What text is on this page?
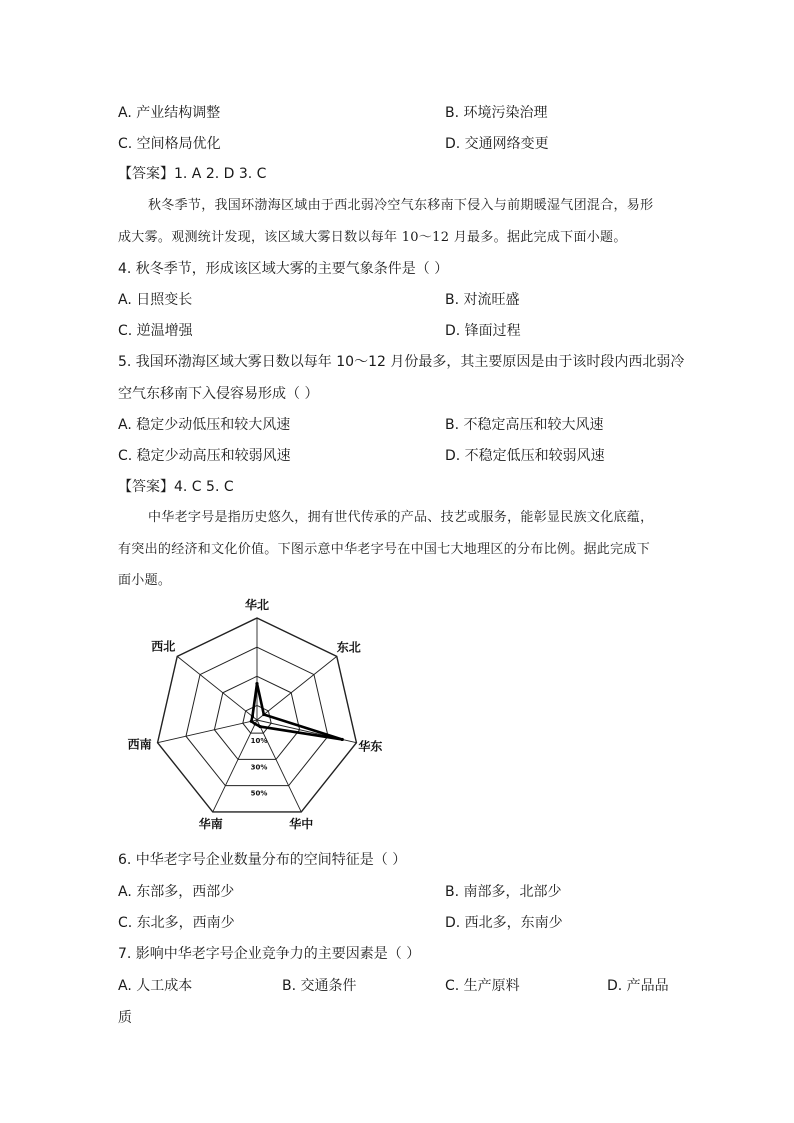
A. 产业结构调整	B. 环境污染治理
C. 空间格局优化	D. 交通网络变更
【答案】1. A 2. D 3. C
秋冬季节，我国环渤海区域由于西北弱冷空气东移南下侵入与前期暖湿气团混合，易形
成大雾。观测统计发现，该区域大雾日数以每年 10～12 月最多。据此完成下面小题。
4. 秋冬季节，形成该区域大雾的主要气象条件是（ ）
A. 日照变长	B. 对流旺盛
C. 逆温增强	D. 锋面过程
5. 我国环渤海区域大雾日数以每年 10～12 月份最多，其主要原因是由于该时段内西北弱冷
空气东移南下入侵容易形成（ ）
A. 稳定少动低压和较大风速	B. 不稳定高压和较大风速
C. 稳定少动高压和较弱风速	D. 不稳定低压和较弱风速
【答案】4. C 5. C
中华老字号是指历史悠久，拥有世代传承的产品、技艺或服务，能彰显民族文化底蕴，
有突出的经济和文化价值。下图示意中华老字号在中国七大地理区的分布比例。据此完成下
面小题。
华北
东北
华东
华中
华南
西南
西北
10%
30%
50%
6. 中华老字号企业数量分布的空间特征是（ ）
A. 东部多，西部少	B. 南部多，北部少
C. 东北多，西南少	D. 西北多，东南少
7. 影响中华老字号企业竞争力的主要因素是（ ）
A. 人工成本	B. 交通条件	C. 生产原料	D. 产品品
质
